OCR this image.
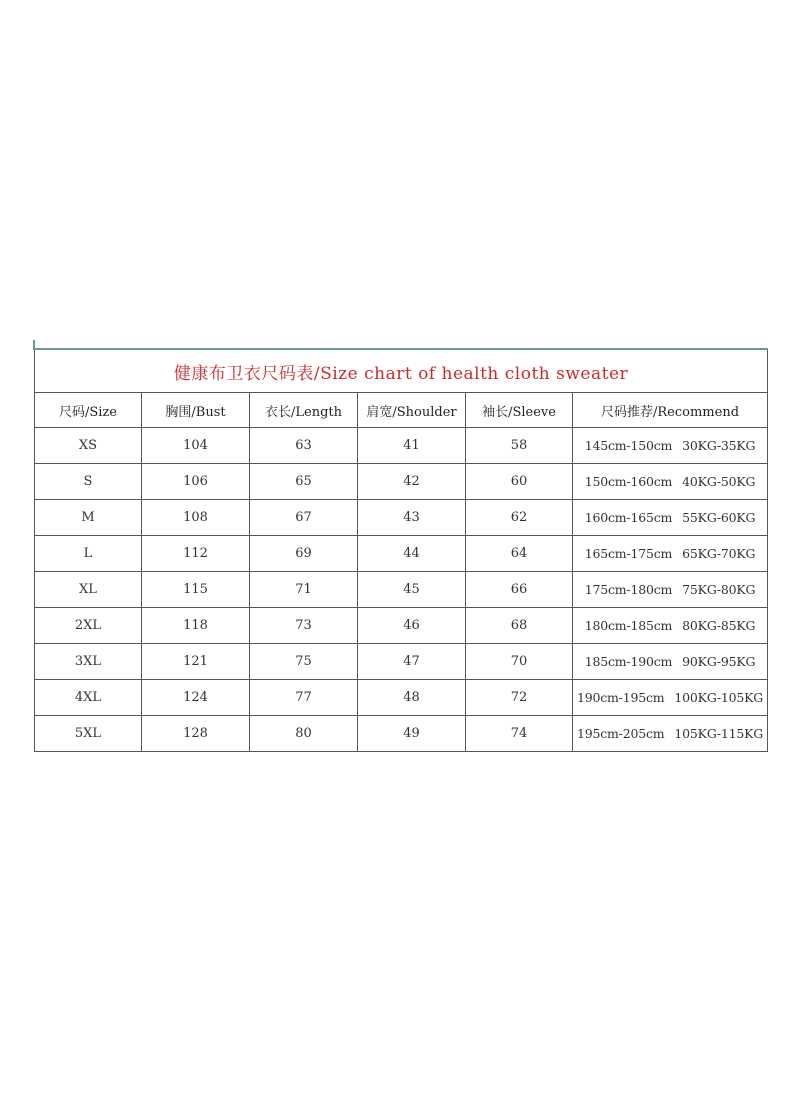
健康布卫衣尺码表/Size chart of health cloth sweater					
尺码/Size	胸围/Bust	衣长/Length	肩宽/Shoulder	袖长/Sleeve	尺码推荐/Recommend
XS	104	63	41	58	145cm-150cm 30KG-35KG
S	106	65	42	60	150cm-160cm 40KG-50KG
M	108	67	43	62	160cm-165cm 55KG-60KG
L	112	69	44	64	165cm-175cm 65KG-70KG
XL	115	71	45	66	175cm-180cm 75KG-80KG
2XL	118	73	46	68	180cm-185cm 80KG-85KG
3XL	121	75	47	70	185cm-190cm 90KG-95KG
4XL	124	77	48	72	190cm-195cm 100KG-105KG
5XL	128	80	49	74	195cm-205cm 105KG-115KG
